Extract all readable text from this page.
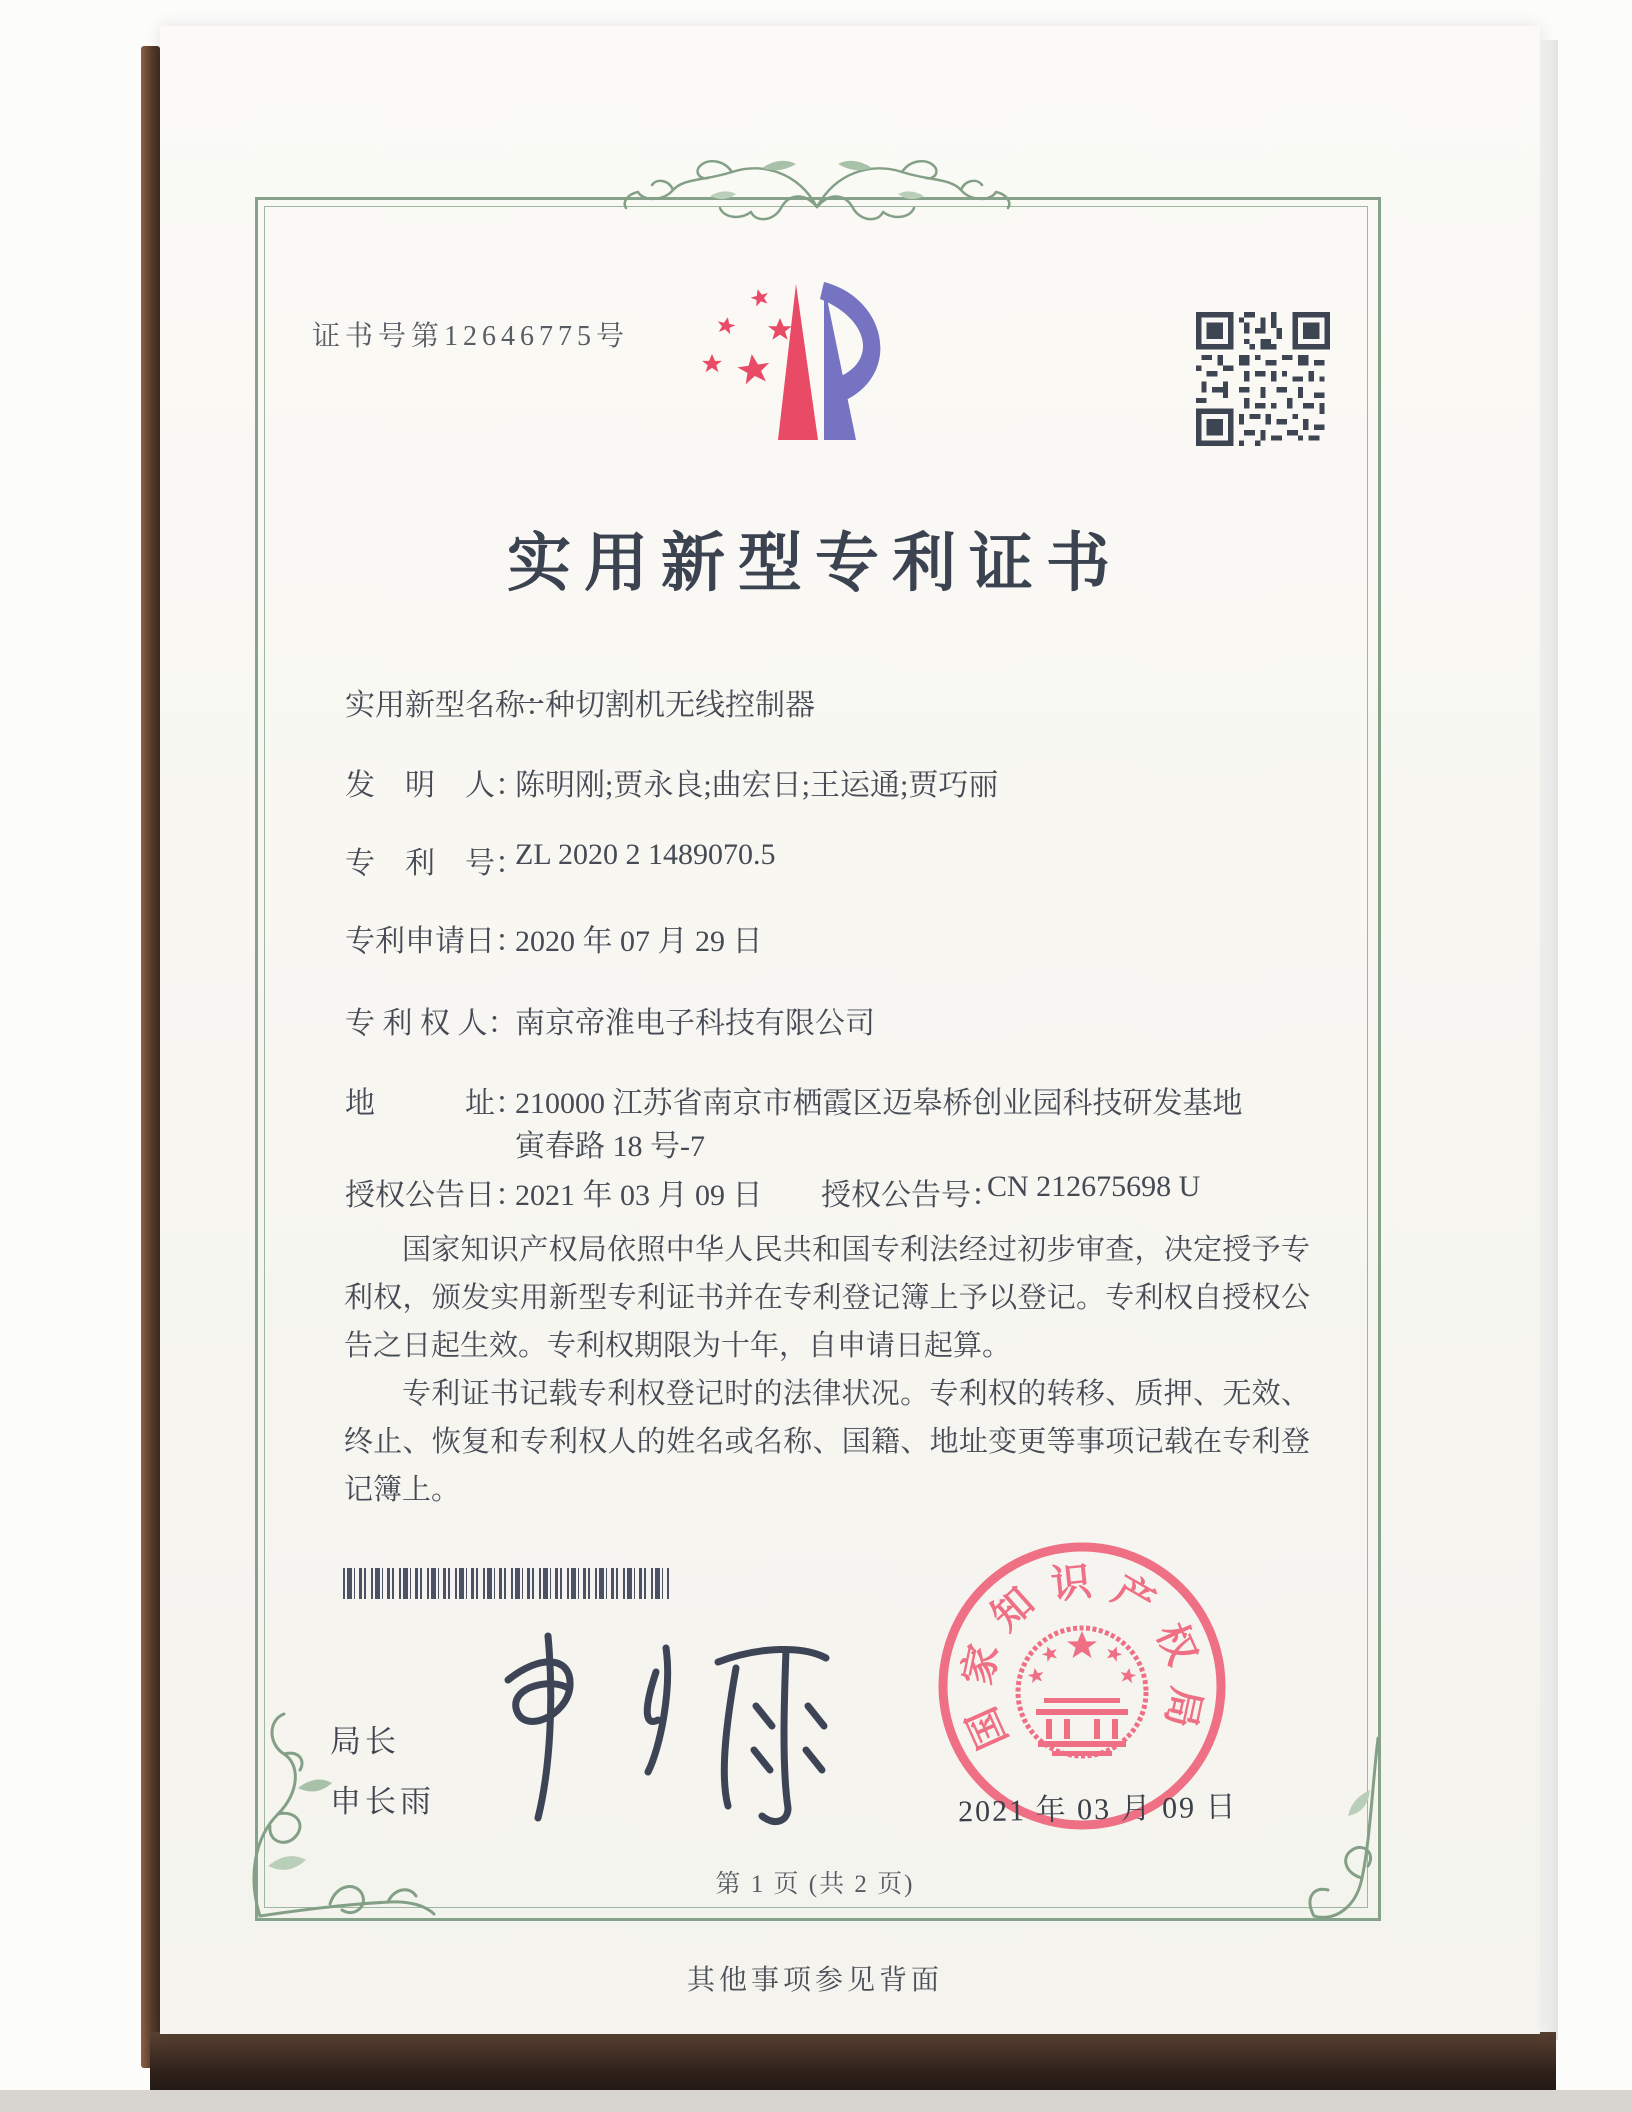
证书号第12646775号
实用新型专利证书
实用新型名称：
一种切割机无线控制器
发　明　人：
陈明刚;贾永良;曲宏日;王运通;贾巧丽
专　利　号：
ZL 2020 2 1489070.5
专利申请日：
2020 年 07 月 29 日
专 利 权 人：
南京帝淮电子科技有限公司
地　　　址：
210000 江苏省南京市栖霞区迈皋桥创业园科技研发基地
寅春路 18 号-7
授权公告日：
2021 年 03 月 09 日 授权公告号：
CN 212675698 U

国家知识产权局依照中华人民共和国专利法经过初步审查，决定授予专利权，颁发实用新型专利证书并在专利登记簿上予以登记。专利权自授权公告之日起生效。专利权期限为十年，自申请日起算。

专利证书记载专利权登记时的法律状况。专利权的转移、质押、无效、终止、恢复和专利权人的姓名或名称、国籍、地址变更等事项记载在专利登记簿上。

局长
申长雨
国
家
知 识 产
权
局
2021 年 03 月 09 日
第 1 页 (共 2 页)
其他事项参见背面
